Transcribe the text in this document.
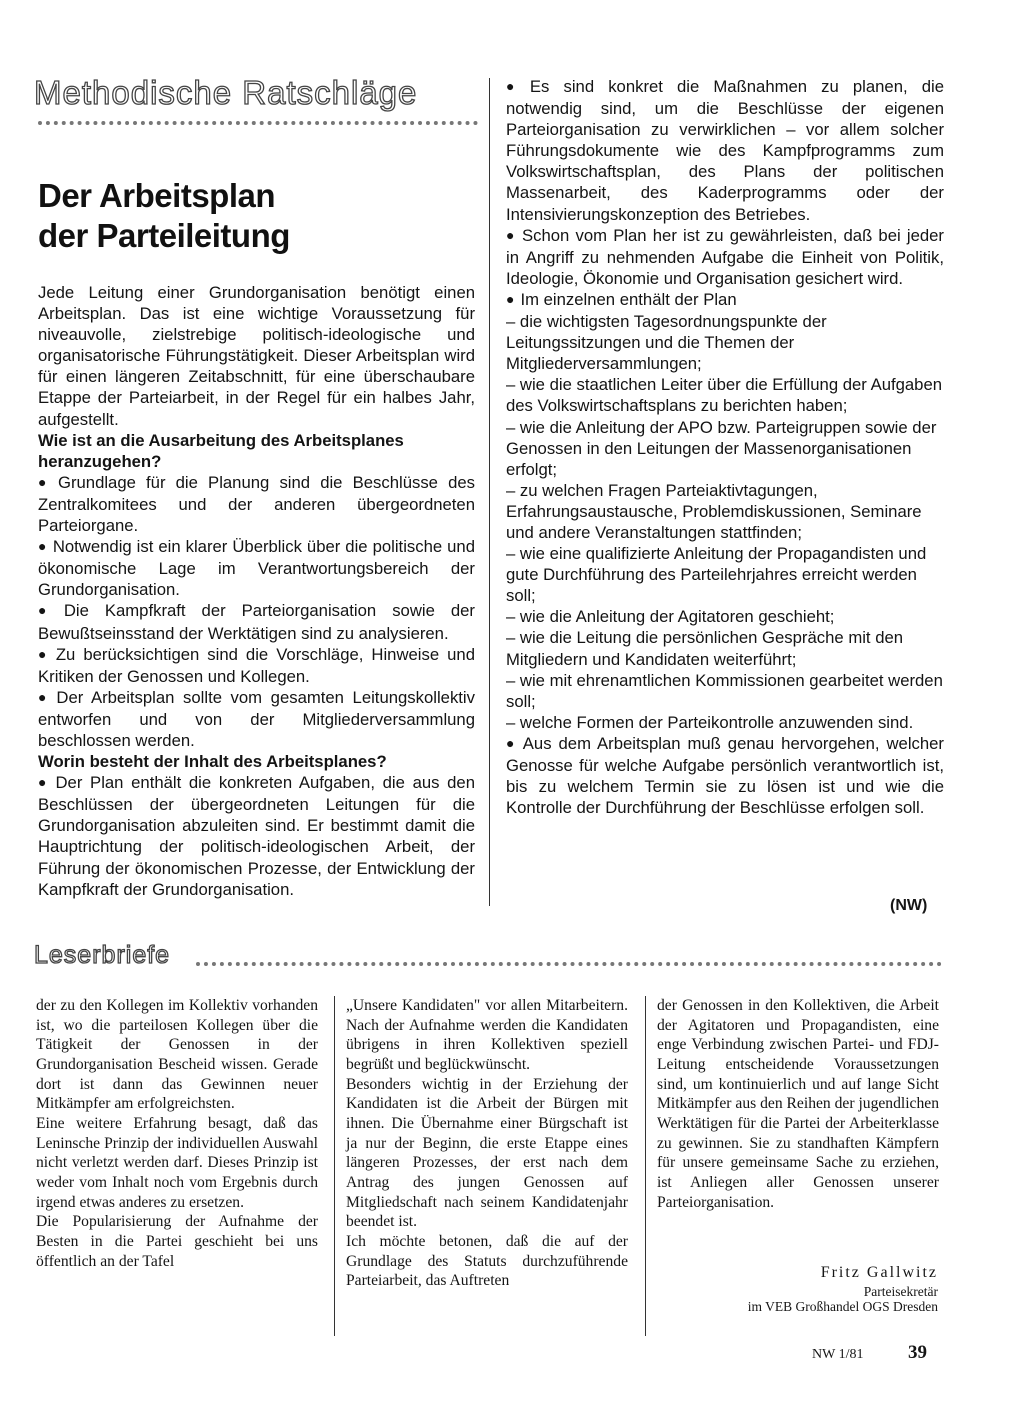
Methodische Ratschläge
Der Arbeitsplan
der Parteileitung

Jede Leitung einer Grundorganisation benötigt einen Arbeitsplan. Das ist eine wichtige Voraussetzung für niveauvolle, zielstrebige politisch-ideologische und organisatorische Führungstätigkeit. Dieser Arbeitsplan wird für einen längeren Zeitabschnitt, für eine überschaubare Etappe der Parteiarbeit, in der Regel für ein halbes Jahr, aufgestellt.

Wie ist an die Ausarbeitung des Arbeitsplanes heranzugehen?

● Grundlage für die Planung sind die Beschlüsse des Zentralkomitees und der anderen übergeordneten Parteiorgane.

● Notwendig ist ein klarer Überblick über die politische und ökonomische Lage im Verantwortungsbereich der Grundorganisation.

● Die Kampfkraft der Parteiorganisation sowie der Bewußtseinsstand der Werktätigen sind zu analysieren.

● Zu berücksichtigen sind die Vorschläge, Hinweise und Kritiken der Genossen und Kollegen.

● Der Arbeitsplan sollte vom gesamten Leitungskollektiv entworfen und von der Mitgliederversammlung beschlossen werden.

Worin besteht der Inhalt des Arbeitsplanes?

● Der Plan enthält die konkreten Aufgaben, die aus den Beschlüssen der übergeordneten Leitungen für die Grundorganisation abzuleiten sind. Er bestimmt damit die Hauptrichtung der politisch-ideologischen Arbeit, der Führung der ökonomischen Prozesse, der Entwicklung der Kampfkraft der Grundorganisation.

● Es sind konkret die Maßnahmen zu planen, die notwendig sind, um die Beschlüsse der eigenen Parteiorganisation zu verwirklichen – vor allem solcher Führungsdokumente wie des Kampfprogramms zum Volkswirtschaftsplan, des Plans der politischen Massenarbeit, des Kaderprogramms oder der Intensivierungskonzeption des Betriebes.

● Schon vom Plan her ist zu gewährleisten, daß bei jeder in Angriff zu nehmenden Aufgabe die Einheit von Politik, Ideologie, Ökonomie und Organisation gesichert wird.

● Im einzelnen enthält der Plan

– die wichtigsten Tagesordnungspunkte der Leitungssitzungen und die Themen der Mitgliederversammlungen;

– wie die staatlichen Leiter über die Erfüllung der Aufgaben des Volkswirtschaftsplans zu berichten haben;

– wie die Anleitung der APO bzw. Parteigruppen sowie der Genossen in den Leitungen der Massenorganisationen erfolgt;

– zu welchen Fragen Parteiaktivtagungen, Erfahrungsaustausche, Problemdiskussionen, Seminare und andere Veranstaltungen stattfinden;

– wie eine qualifizierte Anleitung der Propagandisten und gute Durchführung des Parteilehrjahres erreicht werden soll;

– wie die Anleitung der Agitatoren geschieht;

– wie die Leitung die persönlichen Gespräche mit den Mitgliedern und Kandidaten weiterführt;

– wie mit ehrenamtlichen Kommissionen gearbeitet werden soll;

– welche Formen der Parteikontrolle anzuwenden sind.

● Aus dem Arbeitsplan muß genau hervorgehen, welcher Genosse für welche Aufgabe persönlich verantwortlich ist, bis zu welchem Termin sie zu lösen ist und wie die Kontrolle der Durchführung der Beschlüsse erfolgen soll.

(NW)
Leserbriefe

der zu den Kollegen im Kollektiv vorhanden ist, wo die parteilosen Kollegen über die Tätigkeit der Genossen in der Grundorganisation Bescheid wissen. Gerade dort ist dann das Gewinnen neuer Mitkämpfer am erfolgreichsten.

Eine weitere Erfahrung besagt, daß das Leninsche Prinzip der individuellen Auswahl nicht verletzt werden darf. Dieses Prinzip ist weder vom Inhalt noch vom Ergebnis durch irgend etwas anderes zu ersetzen.

Die Popularisierung der Aufnahme der Besten in die Partei geschieht bei uns öffentlich an der Tafel

„Unsere Kandidaten" vor allen Mitarbeitern. Nach der Aufnahme werden die Kandidaten übrigens in ihren Kollektiven speziell begrüßt und beglückwünscht.

Besonders wichtig in der Erziehung der Kandidaten ist die Arbeit der Bürgen mit ihnen. Die Übernahme einer Bürgschaft ist ja nur der Beginn, die erste Etappe eines längeren Prozesses, der erst nach dem Antrag des jungen Genossen auf Mitgliedschaft nach seinem Kandidatenjahr beendet ist.

Ich möchte betonen, daß die auf der Grundlage des Statuts durchzuführende Parteiarbeit, das Auftreten

der Genossen in den Kollektiven, die Arbeit der Agitatoren und Propagandisten, eine enge Verbindung zwischen Partei- und FDJ-Leitung entscheidende Voraussetzungen sind, um kontinuierlich und auf lange Sicht Mitkämpfer aus den Reihen der jugendlichen Werktätigen für die Partei der Arbeiterklasse zu gewinnen. Sie zu standhaften Kämpfern für unsere gemeinsame Sache zu erziehen, ist Anliegen aller Genossen unserer Parteiorganisation.

Fritz Gallwitz
Parteisekretär
im VEB Großhandel OGS Dresden
NW 1/81 39
